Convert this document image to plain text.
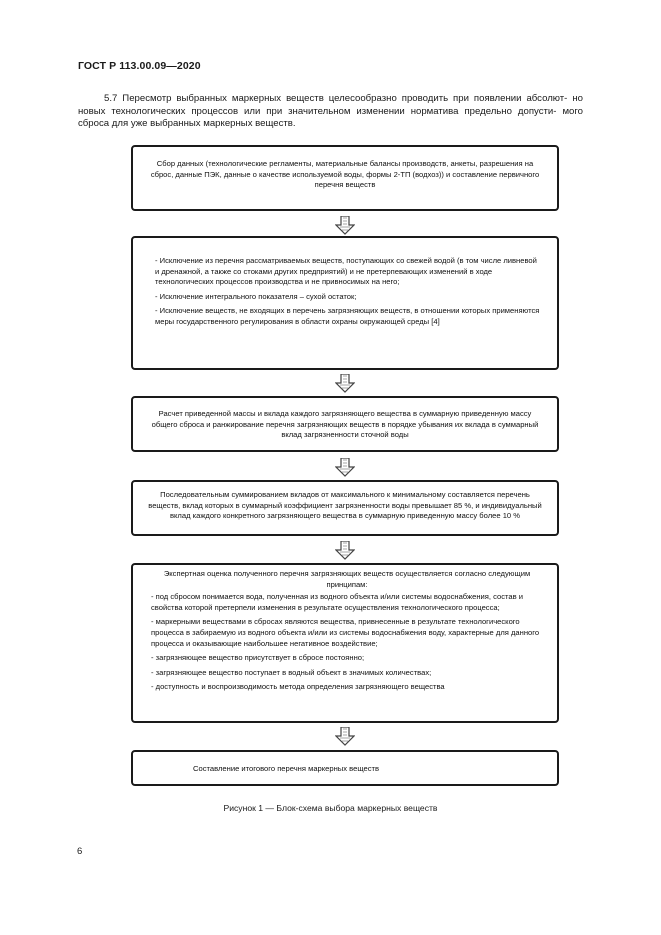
ГОСТ Р 113.00.09—2020
5.7 Пересмотр выбранных маркерных веществ целесообразно проводить при появлении абсолют- но новых технологических процессов или при значительном изменении норматива предельно допусти- мого сброса для уже выбранных маркерных веществ.
Сбор данных (технологические регламенты, материальные балансы производств, анкеты, разрешения на сброс, данные ПЭК, данные о качестве используемой воды, формы 2-ТП (водхоз)) и составление первичного перечня веществ
- Исключение из перечня рассматриваемых веществ, поступающих со свежей водой (в том числе ливневой и дренажной, а также со стоками других предприятий) и не претерпевающих изменений в ходе технологических процессов производства и не привносимых на него;
- Исключение интегрального показателя – сухой остаток;
- Исключение веществ, не входящих в перечень загрязняющих веществ, в отношении которых применяются меры государственного регулирования в области охраны окружающей среды [4]
Расчет приведенной массы и вклада каждого загрязняющего вещества в суммарную приведенную массу общего сброса и ранжирование перечня загрязняющих веществ в порядке убывания их вклада в суммарный вклад загрязненности сточной воды
Последовательным суммированием вкладов от максимального к минимальному составляется перечень веществ, вклад которых в суммарный коэффициент загрязненности воды превышает 85 %, и индивидуальный вклад каждого конкретного загрязняющего вещества в суммарную приведенную массу более 10 %
Экспертная оценка полученного перечня загрязняющих веществ осуществляется согласно следующим принципам:
- под сбросом понимается вода, полученная из водного объекта и/или системы водоснабжения, состав и свойства которой претерпели изменения в результате осуществления технологического процесса;
- маркерными веществами в сбросах являются вещества, привнесенные в результате технологического процесса в забираемую из водного объекта и/или из системы водоснабжения воду, характерные для данного процесса и оказывающие наибольшее негативное воздействие;
- загрязняющее вещество присутствует в сбросе постоянно;
- загрязняющее вещество поступает в водный объект в значимых количествах;
- доступность и воспроизводимость метода определения загрязняющего вещества
Составление итогового перечня маркерных веществ
Рисунок 1 — Блок-схема выбора маркерных веществ
6
